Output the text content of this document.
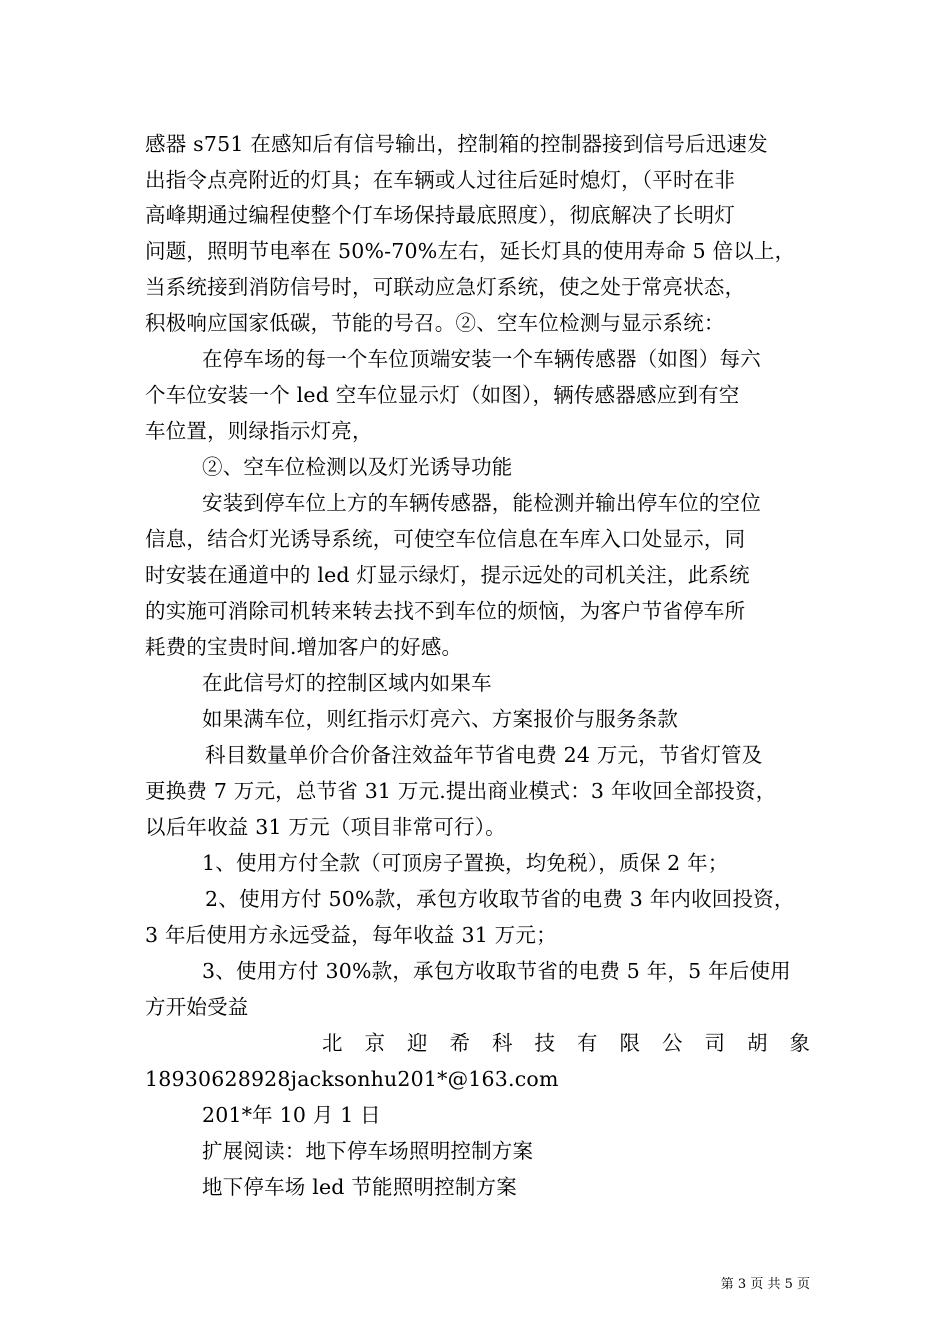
感器 s751 在感知后有信号输出，控制箱的控制器接到信号后迅速发
出指令点亮附近的灯具；在车辆或人过往后延时熄灯，（平时在非
高峰期通过编程使整个仃车场保持最底照度），彻底解决了长明灯
问题，照明节电率在 50%-70%左右，延长灯具的使用寿命 5 倍以上，
当系统接到消防信号时，可联动应急灯系统，使之处于常亮状态，
积极响应国家低碳，节能的号召。②、空车位检测与显示系统：
在停车场的每一个车位顶端安装一个车辆传感器（如图）每六
个车位安装一个 led 空车位显示灯（如图），辆传感器感应到有空
车位置，则绿指示灯亮，
②、空车位检测以及灯光诱导功能
安装到停车位上方的车辆传感器，能检测并输出停车位的空位
信息，结合灯光诱导系统，可使空车位信息在车库入口处显示，同
时安装在通道中的 led 灯显示绿灯，提示远处的司机关注，此系统
的实施可消除司机转来转去找不到车位的烦恼，为客户节省停车所
耗费的宝贵时间.增加客户的好感。
在此信号灯的控制区域内如果车
如果满车位，则红指示灯亮六、方案报价与服务条款
科目数量单价合价备注效益年节省电费 24 万元，节省灯管及
更换费 7 万元，总节省 31 万元.提出商业模式：3 年收回全部投资，
以后年收益 31 万元（项目非常可行）。
1、使用方付全款（可顶房子置换，均免税），质保 2 年；
2、使用方付 50%款，承包方收取节省的电费 3 年内收回投资，
3 年后使用方永远受益，每年收益 31 万元；
3、使用方付 30%款，承包方收取节省的电费 5 年，5 年后使用
方开始受益
北 京 迎 希 科 技 有 限 公 司 胡 象
18930628928jacksonhu201*@163.com
201*年 10 月 1 日
扩展阅读：地下停车场照明控制方案
地下停车场 led 节能照明控制方案
第 3 页 共 5 页
